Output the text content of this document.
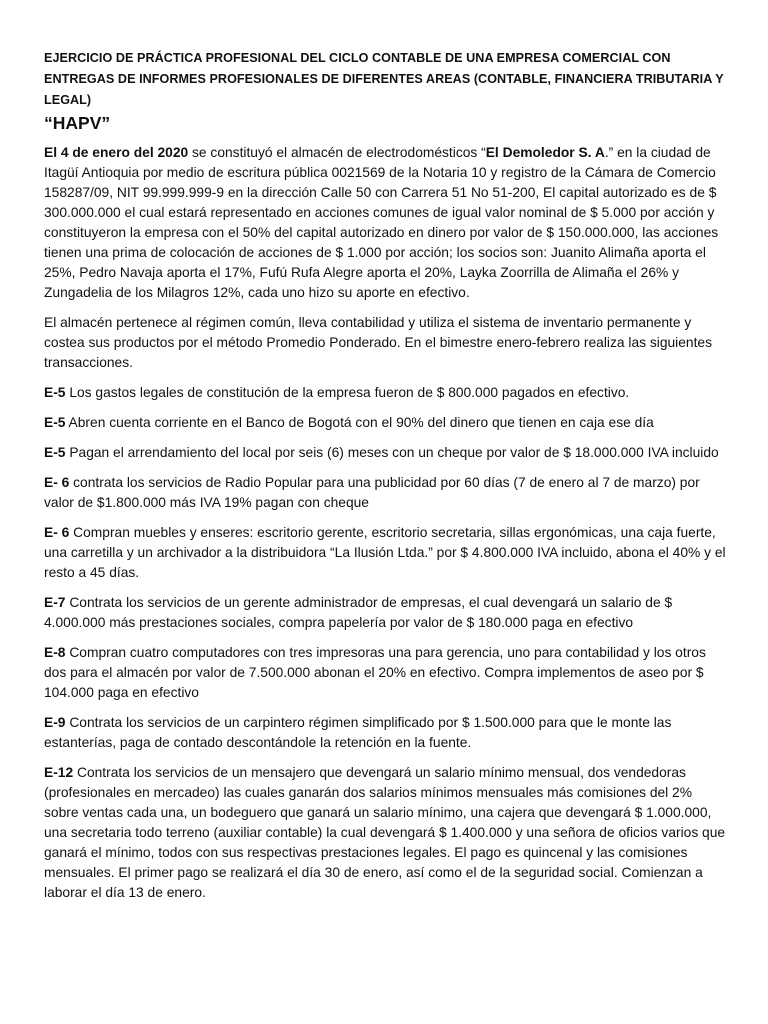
EJERCICIO DE PRÁCTICA PROFESIONAL DEL CICLO CONTABLE DE UNA EMPRESA COMERCIAL CON ENTREGAS DE INFORMES PROFESIONALES DE DIFERENTES AREAS (CONTABLE, FINANCIERA TRIBUTARIA Y LEGAL)

“HAPV”

El 4 de enero del 2020 se constituyó el almacén de electrodomésticos “El Demoledor S. A.” en la ciudad de Itagüí Antioquia por medio de escritura pública 0021569 de la Notaria 10 y registro de la Cámara de Comercio 158287/09, NIT 99.999.999-9 en la dirección Calle 50 con Carrera 51 No 51-200, El capital autorizado es de $ 300.000.000 el cual estará representado en acciones comunes de igual valor nominal de $ 5.000 por acción y constituyeron la empresa con el 50% del capital autorizado en dinero por valor de $ 150.000.000, las acciones tienen una prima de colocación de acciones de $ 1.000 por acción; los socios son: Juanito Alimaña aporta el 25%, Pedro Navaja aporta el 17%, Fufú Rufa Alegre aporta el 20%, Layka Zoorrilla de Alimaña el 26% y Zungadelia de los Milagros 12%, cada uno hizo su aporte en efectivo.

El almacén pertenece al régimen común, lleva contabilidad y utiliza el sistema de inventario permanente y costea sus productos por el método Promedio Ponderado. En el bimestre enero-febrero realiza las siguientes transacciones.

E-5 Los gastos legales de constitución de la empresa fueron de $ 800.000 pagados en efectivo.

E-5 Abren cuenta corriente en el Banco de Bogotá con el 90% del dinero que tienen en caja ese día

E-5 Pagan el arrendamiento del local por seis (6) meses con un cheque por valor de $ 18.000.000 IVA incluido

E- 6 contrata los servicios de Radio Popular para una publicidad por 60 días (7 de enero al 7 de marzo) por valor de $1.800.000 más IVA 19% pagan con cheque

E- 6 Compran muebles y enseres: escritorio gerente, escritorio secretaria, sillas ergonómicas, una caja fuerte, una carretilla y un archivador a la distribuidora “La Ilusión Ltda.” por $ 4.800.000 IVA incluido, abona el 40% y el resto a 45 días.

E-7 Contrata los servicios de un gerente administrador de empresas, el cual devengará un salario de $ 4.000.000 más prestaciones sociales, compra papelería por valor de $ 180.000 paga en efectivo

E-8 Compran cuatro computadores con tres impresoras una para gerencia, uno para contabilidad y los otros dos para el almacén por valor de 7.500.000 abonan el 20% en efectivo. Compra implementos de aseo por $ 104.000 paga en efectivo

E-9 Contrata los servicios de un carpintero régimen simplificado por $ 1.500.000 para que le monte las estanterías, paga de contado descontándole la retención en la fuente.

E-12 Contrata los servicios de un mensajero que devengará un salario mínimo mensual, dos vendedoras (profesionales en mercadeo) las cuales ganarán dos salarios mínimos mensuales más comisiones del 2% sobre ventas cada una, un bodeguero que ganará un salario mínimo, una cajera que devengará $ 1.000.000, una secretaria todo terreno (auxiliar contable) la cual devengará $ 1.400.000 y una señora de oficios varios que ganará el mínimo, todos con sus respectivas prestaciones legales. El pago es quincenal y las comisiones mensuales. El primer pago se realizará el día 30 de enero, así como el de la seguridad social. Comienzan a laborar el día 13 de enero.
